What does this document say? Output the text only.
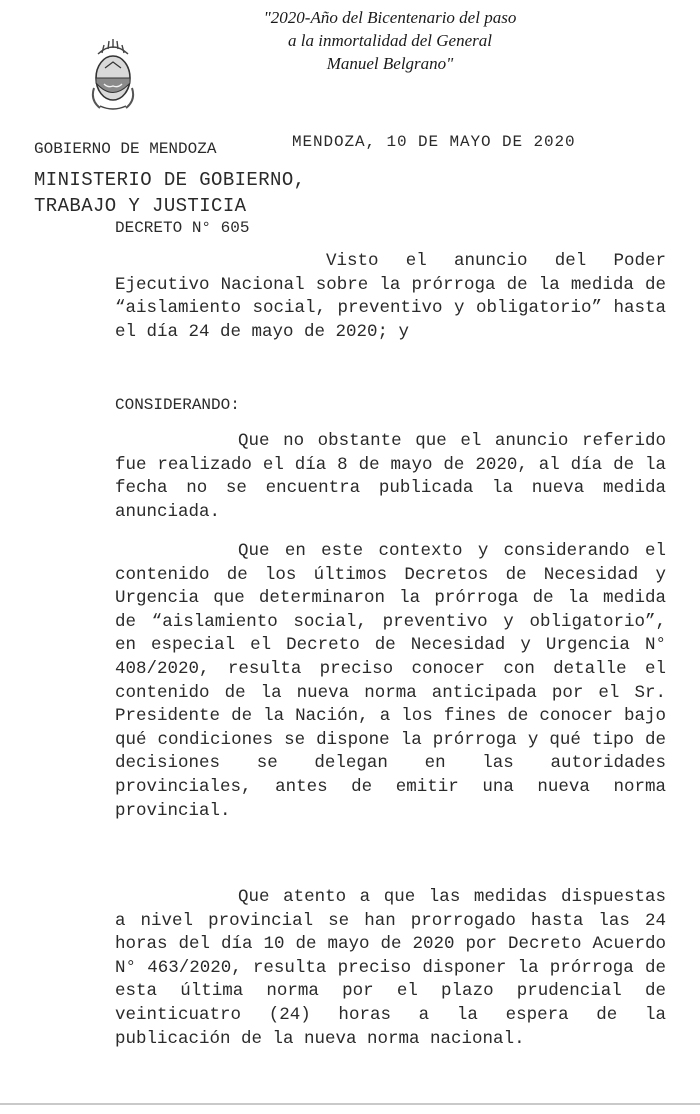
"2020-Año del Bicentenario del paso
a la inmortalidad del General
Manuel Belgrano"
GOBIERNO DE MENDOZA	MENDOZA, 10 DE MAYO DE 2020
MINISTERIO DE GOBIERNO,
TRABAJO Y JUSTICIA
DECRETO N° 605
Visto el anuncio del Poder Ejecutivo Nacional sobre la prórroga de la medida de “aislamiento social, preventivo y obligatorio” hasta el día 24 de mayo de 2020; y
CONSIDERANDO:
Que no obstante que el anuncio referido fue realizado el día 8 de mayo de 2020, al día de la fecha no se encuentra publicada la nueva medida anunciada.
Que en este contexto y considerando el contenido de los últimos Decretos de Necesidad y Urgencia que determinaron la prórroga de la medida de “aislamiento social, preventivo y obligatorio”, en especial el Decreto de Necesidad y Urgencia N° 408/2020, resulta preciso conocer con detalle el contenido de la nueva norma anticipada por el Sr. Presidente de la Nación, a los fines de conocer bajo qué condiciones se dispone la prórroga y qué tipo de decisiones se delegan en las autoridades provinciales, antes de emitir una nueva norma provincial.
Que atento a que las medidas dispuestas a nivel provincial se han prorrogado hasta las 24 horas del día 10 de mayo de 2020 por Decreto Acuerdo N° 463/2020, resulta preciso disponer la prórroga de esta última norma por el plazo prudencial de veinticuatro (24) horas a la espera de la publicación de la nueva norma nacional.
